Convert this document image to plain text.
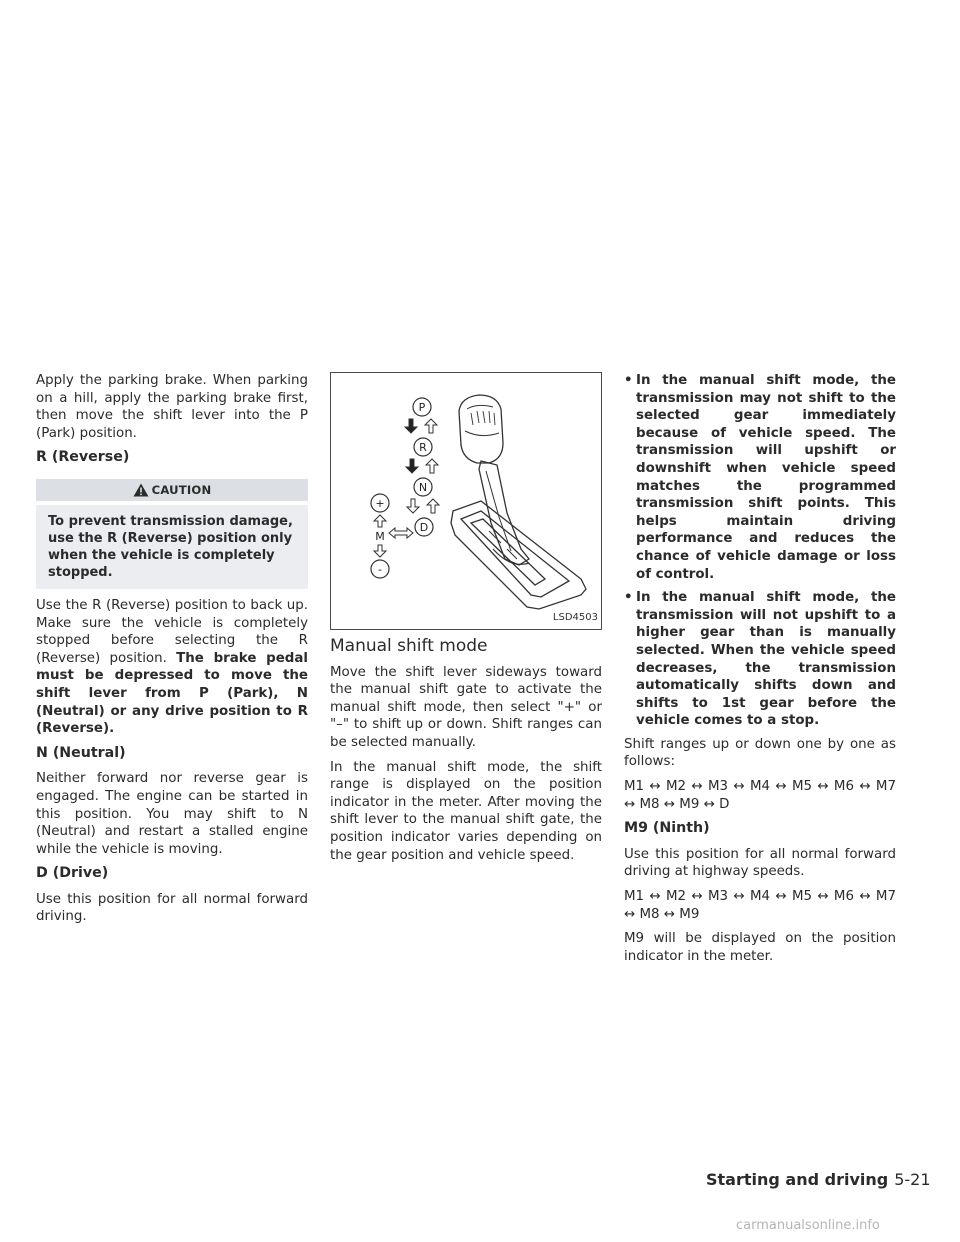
Apply the parking brake. When parking on a hill, apply the parking brake first, then move the shift lever into the P (Park) position.

R (Reverse)
CAUTION
To prevent transmission damage, use the R (Reverse) position only when the vehicle is completely stopped.

Use the R (Reverse) position to back up. Make sure the vehicle is completely stopped before selecting the R (Reverse) position. The brake pedal must be depressed to move the shift lever from P (Park), N (Neutral) or any drive position to R (Reverse).

N (Neutral)

Neither forward nor reverse gear is engaged. The engine can be started in this position. You may shift to N (Neutral) and restart a stalled engine while the vehicle is moving.

D (Drive)

Use this position for all normal forward driving.

P
R
N
D
+
-
M
LSD4503
Manual shift mode

Move the shift lever sideways toward the manual shift gate to activate the manual shift mode, then select "+" or "–" to shift up or down. Shift ranges can be selected manually.

In the manual shift mode, the shift range is displayed on the position indicator in the meter. After moving the shift lever to the manual shift gate, the position indicator varies depending on the gear position and vehicle speed.

• In the manual shift mode, the transmission may not shift to the selected gear immediately because of vehicle speed. The transmission will upshift or downshift when vehicle speed matches the programmed transmission shift points. This helps maintain driving performance and reduces the chance of vehicle damage or loss of control.
• In the manual shift mode, the transmission will not upshift to a higher gear than is manually selected. When the vehicle speed decreases, the transmission automatically shifts down and shifts to 1st gear before the vehicle comes to a stop.

Shift ranges up or down one by one as follows:

M1 ↔ M2 ↔ M3 ↔ M4 ↔ M5 ↔ M6 ↔ M7 ↔ M8 ↔ M9 ↔ D

M9 (Ninth)

Use this position for all normal forward driving at highway speeds.

M1 ↔ M2 ↔ M3 ↔ M4 ↔ M5 ↔ M6 ↔ M7 ↔ M8 ↔ M9

M9 will be displayed on the position indicator in the meter.

Starting and driving 5-21
carmanualsonline.info
